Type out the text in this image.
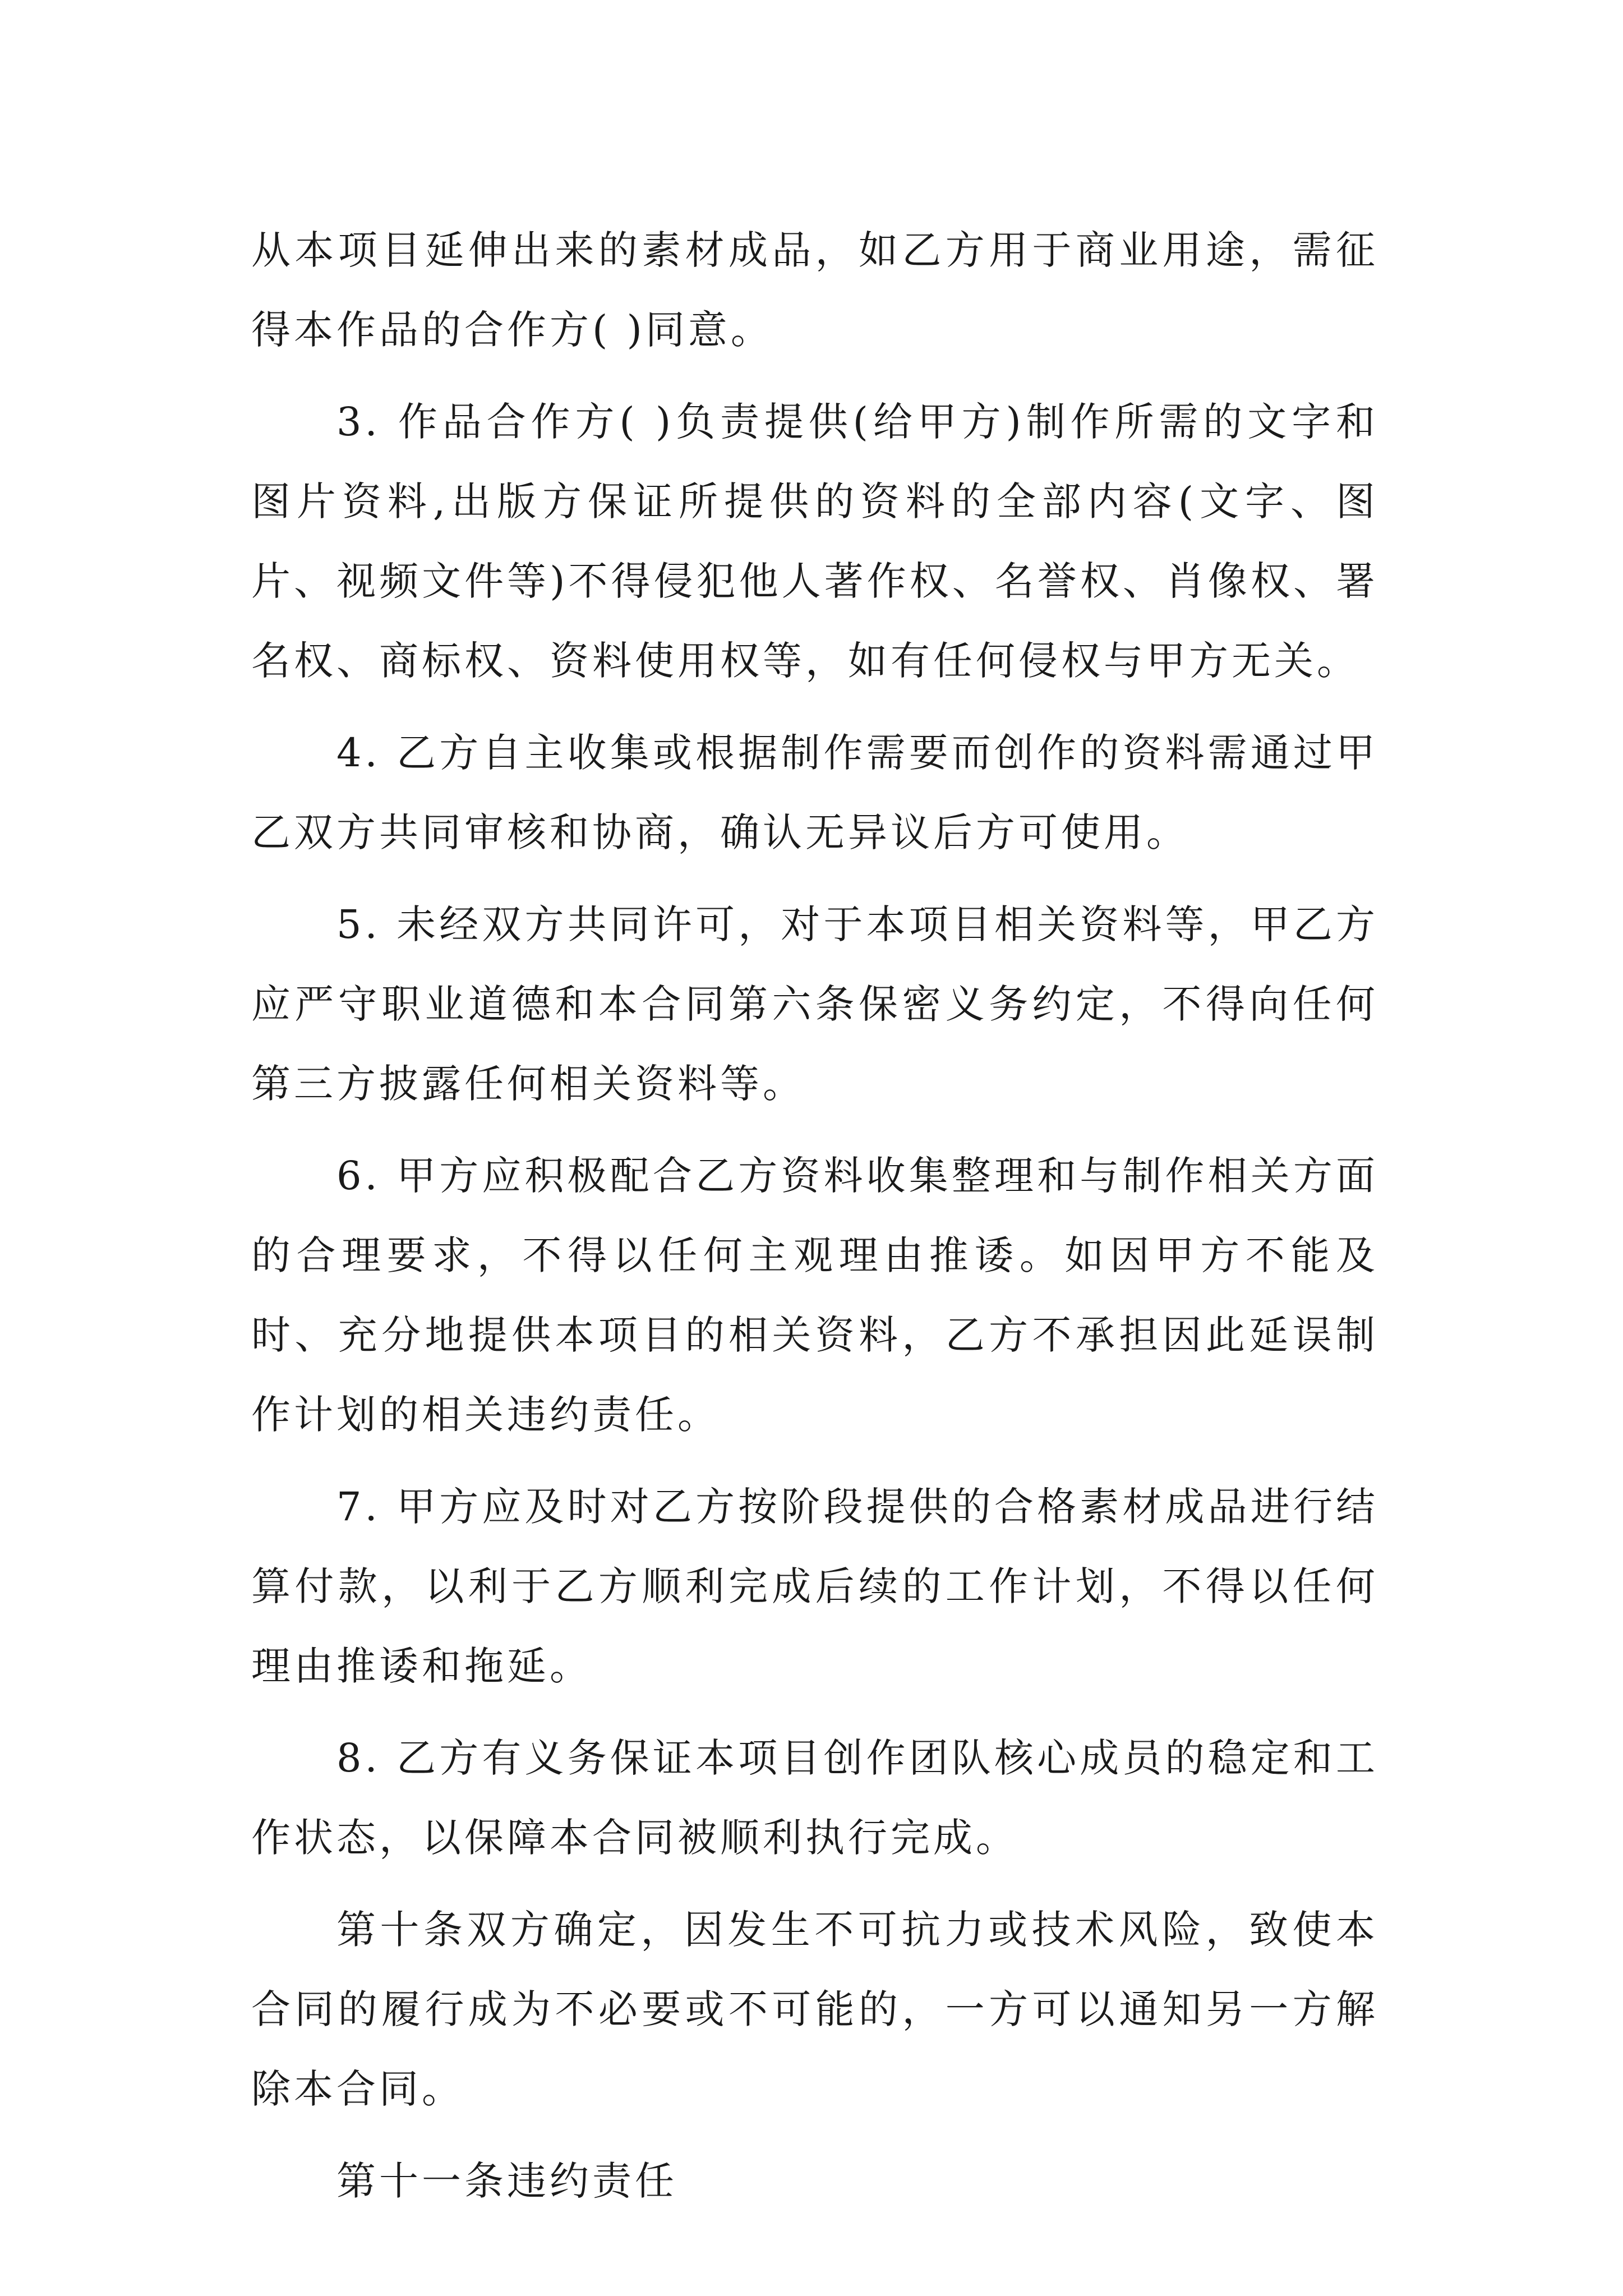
从本项目延伸出来的素材成品，如乙方用于商业用途，需征得本作品的合作方( )同意。

3. 作品合作方( )负责提供(给甲方)制作所需的文字和图片资料,出版方保证所提供的资料的全部内容(文字、图片、视频文件等)不得侵犯他人著作权、名誉权、肖像权、署名权、商标权、资料使用权等，如有任何侵权与甲方无关。

4. 乙方自主收集或根据制作需要而创作的资料需通过甲乙双方共同审核和协商，确认无异议后方可使用。

5. 未经双方共同许可，对于本项目相关资料等，甲乙方应严守职业道德和本合同第六条保密义务约定，不得向任何第三方披露任何相关资料等。

6. 甲方应积极配合乙方资料收集整理和与制作相关方面的合理要求，不得以任何主观理由推诿。如因甲方不能及时、充分地提供本项目的相关资料，乙方不承担因此延误制作计划的相关违约责任。

7. 甲方应及时对乙方按阶段提供的合格素材成品进行结算付款，以利于乙方顺利完成后续的工作计划，不得以任何理由推诿和拖延。

8. 乙方有义务保证本项目创作团队核心成员的稳定和工作状态，以保障本合同被顺利执行完成。

第十条双方确定，因发生不可抗力或技术风险，致使本合同的履行成为不必要或不可能的，一方可以通知另一方解除本合同。

第十一条违约责任
